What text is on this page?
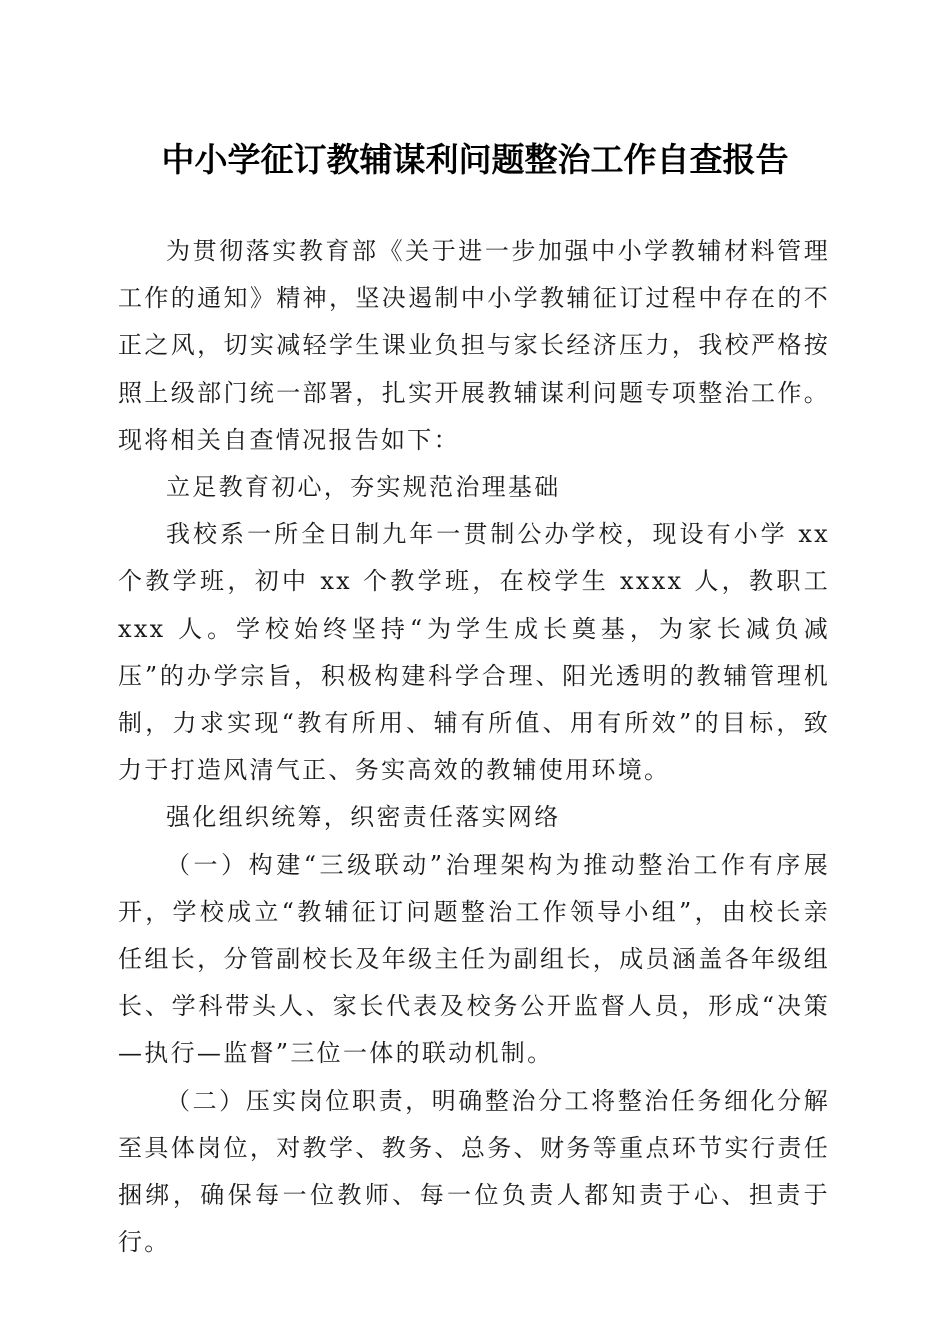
中小学征订教辅谋利问题整治工作自查报告

为贯彻落实教育部《关于进一步加强中小学教辅材料管理工作的通知》精神，坚决遏制中小学教辅征订过程中存在的不正之风，切实减轻学生课业负担与家长经济压力，我校严格按照上级部门统一部署，扎实开展教辅谋利问题专项整治工作。现将相关自查情况报告如下：

立足教育初心，夯实规范治理基础

我校系一所全日制九年一贯制公办学校，现设有小学 xx 个教学班，初中 xx 个教学班，在校学生 xxxx 人，教职工 xxx 人。学校始终坚持“为学生成长奠基，为家长减负减压”的办学宗旨，积极构建科学合理、阳光透明的教辅管理机制，力求实现“教有所用、辅有所值、用有所效”的目标，致力于打造风清气正、务实高效的教辅使用环境。

强化组织统筹，织密责任落实网络

（一）构建“三级联动”治理架构为推动整治工作有序展开，学校成立“教辅征订问题整治工作领导小组”，由校长亲任组长，分管副校长及年级主任为副组长，成员涵盖各年级组长、学科带头人、家长代表及校务公开监督人员，形成“决策—执行—监督”三位一体的联动机制。

（二）压实岗位职责，明确整治分工将整治任务细化分解至具体岗位，对教学、教务、总务、财务等重点环节实行责任捆绑，确保每一位教师、每一位负责人都知责于心、担责于行。
